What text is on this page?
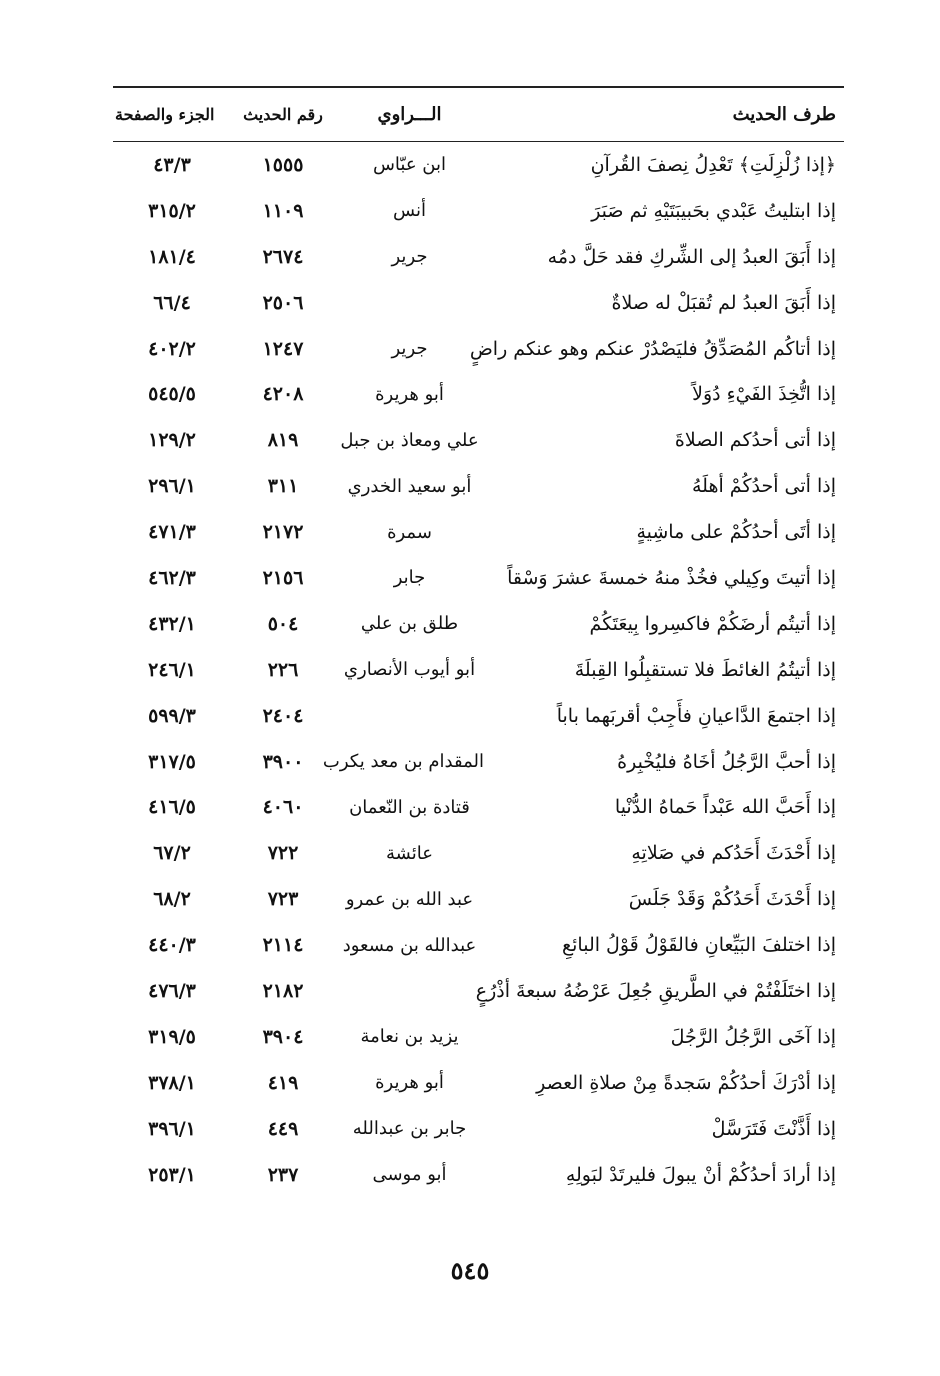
طرف الحديث
الـــراوي
رقم الحديث
الجزء والصفحة
﴿إذا زُلْزِلَتِ﴾ تَعْدِلُ نِصفَ القُرآنِ
ابن عبّاس
١٥٥٥
٤٣/٣
إذا ابتليتُ عَبْدي بحَبيبَتَيْهِ ثم صَبَرَ
أنس
١١٠٩
٣١٥/٢
إذا أَبَقَ العبدُ إلى الشِّركِ فقد حَلَّ دمُه
جرير
٢٦٧٤
١٨١/٤
إذا أَبَقَ العبدُ لم تُقبَلْ له صلاةٌ
٢٥٠٦
٦٦/٤
إذا أتاكُم المُصَدِّقُ فليَصْدُرْ عنكم وهو عنكم راضٍ
جرير
١٢٤٧
٤٠٢/٢
إذا اتُّخِذَ الفَيْءِ دُوَلاً
أبو هريرة
٤٢٠٨
٥٤٥/٥
إذا أتى أحدُكم الصلاةَ
علي ومعاذ بن جبل
٨١٩
١٢٩/٢
إذا أتى أحدُكُمْ أهلَهُ
أبو سعيد الخدري
٣١١
٢٩٦/١
إذا أتَى أحدُكُمْ على ماشِيةٍ
سمرة
٢١٧٢
٤٧١/٣
إذا أتيتَ وكِيلي فخُذْ منهُ خمسةَ عشرَ وَسْقاً
جابر
٢١٥٦
٤٦٢/٣
إذا أتيتُم أرضَكُمْ فاكسِروا بِيعَتَكُمْ
طلق بن علي
٥٠٤
٤٣٢/١
إذا أتيتُمُ الغائطَ فلا تستقبِلُوا القِبلَةَ
أبو أيوب الأنصاري
٢٢٦
٢٤٦/١
إذا اجتمعَ الدَّاعيانِ فأَجِبْ أقربَهما باباً
٢٤٠٤
٥٩٩/٣
إذا أحبَّ الرَّجُلُ أخَاهُ فليُخْبِرهُ
المقدام بن معد يكرب
٣٩٠٠
٣١٧/٥
إذا أَحَبَّ الله عَبْداً حَماهُ الدُّنْيا
قتادة بن النّعمان
٤٠٦٠
٤١٦/٥
إذا أَحْدَثَ أَحَدُكم في صَلاتِهِ
عائشة
٧٢٢
٦٧/٢
إذا أَحْدَثَ أَحَدُكُمْ وَقَدْ جَلَسَ
عبد الله بن عمرو
٧٢٣
٦٨/٢
إذا اختلفَ البَيِّعانِ فالقَوْلُ قَوْلُ البائعِ
عبدالله بن مسعود
٢١١٤
٤٤٠/٣
إذا اختَلَفْتُمْ في الطَّريقِ جُعِلَ عَرْضُهُ سبعةَ أذْرُعٍ
٢١٨٢
٤٧٦/٣
إذا آخَى الرَّجُلُ الرَّجُلَ
يزيد بن نعامة
٣٩٠٤
٣١٩/٥
إذا أدْرَكَ أحدُكُمْ سَجدةً مِنْ صلاةِ العصرِ
أبو هريرة
٤١٩
٣٧٨/١
إذا أَذَّنْتَ فَتَرَسَّلْ
جابر بن عبدالله
٤٤٩
٣٩٦/١
إذا أرادَ أحدُكُمْ أنْ يبولَ فليرتَدْ لبَولِهِ
أبو موسى
٢٣٧
٢٥٣/١
٥٤٥
